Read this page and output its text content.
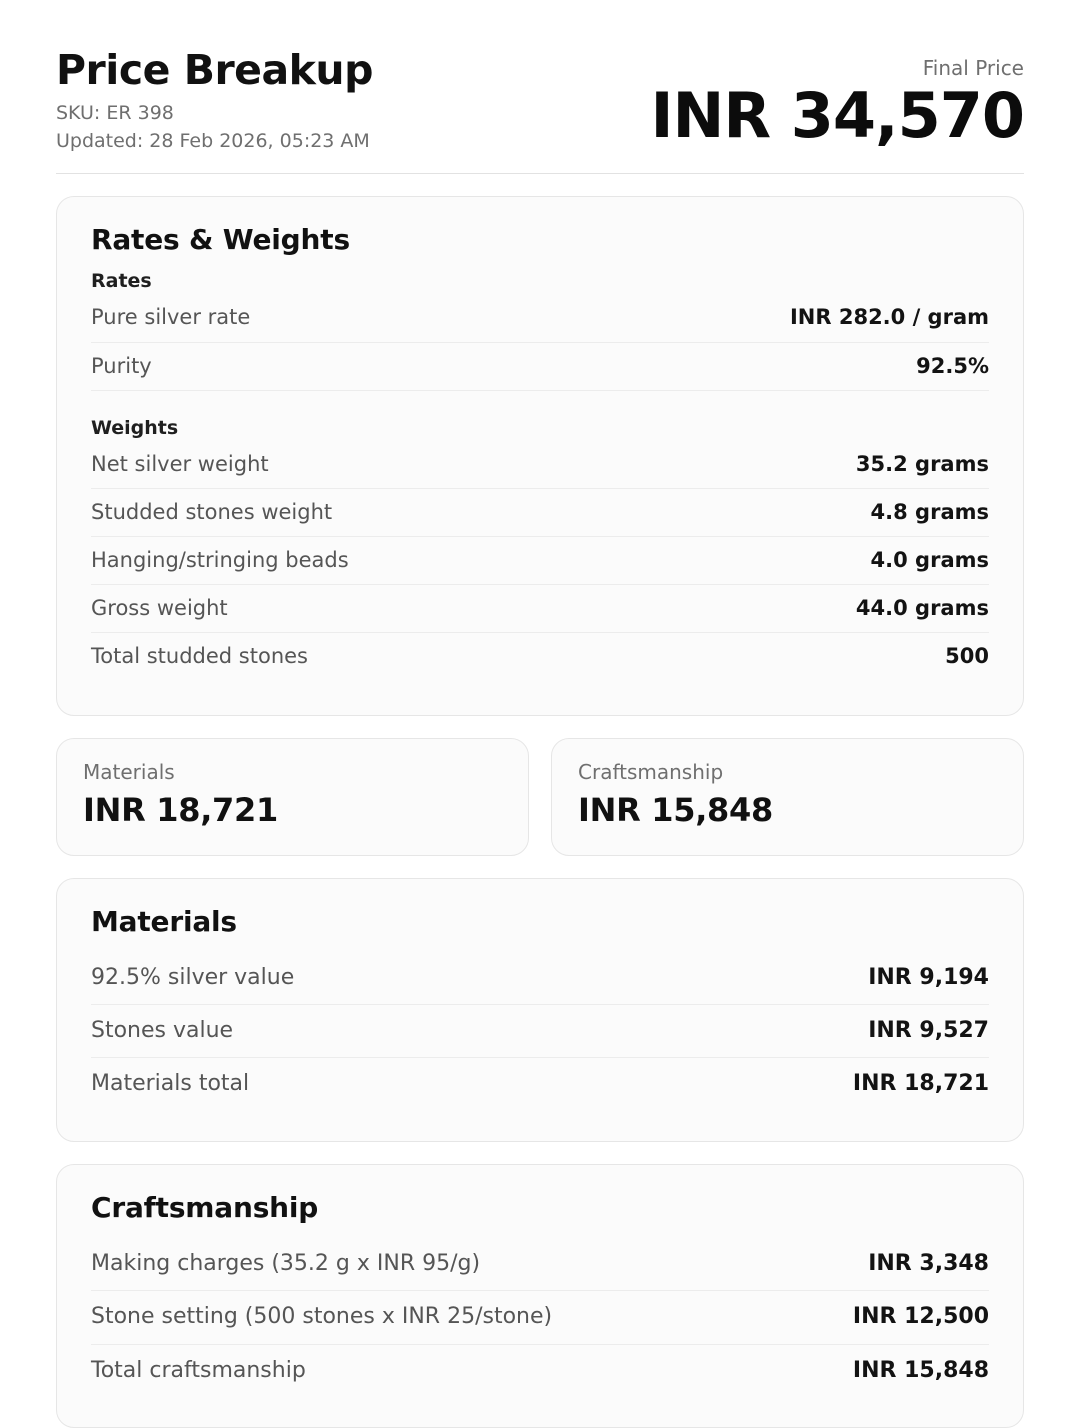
Price Breakup
SKU: ER 398
Updated: 28 Feb 2026, 05:23 AM
Final Price
INR 34,570
Rates & Weights
Rates
Pure silver rate	INR 282.0 / gram
Purity	92.5%
Weights
Net silver weight	35.2 grams
Studded stones weight	4.8 grams
Hanging/stringing beads	4.0 grams
Gross weight	44.0 grams
Total studded stones	500
Materials
INR 18,721
Craftsmanship
INR 15,848
Materials
92.5% silver value	INR 9,194
Stones value	INR 9,527
Materials total	INR 18,721
Craftsmanship
Making charges (35.2 g x INR 95/g)	INR 3,348
Stone setting (500 stones x INR 25/stone)	INR 12,500
Total craftsmanship	INR 15,848
